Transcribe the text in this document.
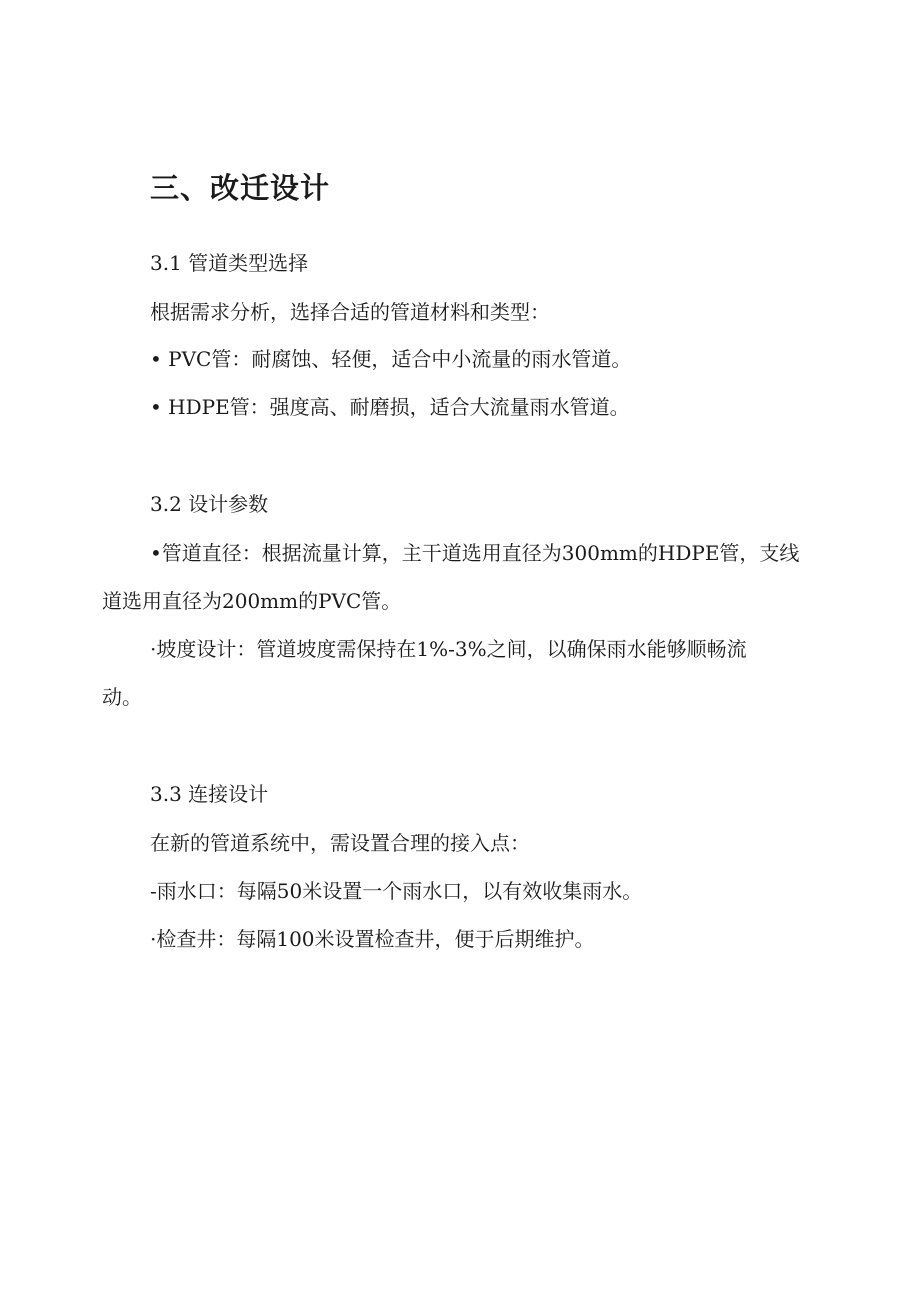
三、改迁设计
3.1 管道类型选择
根据需求分析，选择合适的管道材料和类型：
• PVC管：耐腐蚀、轻便，适合中小流量的雨水管道。
• HDPE管：强度高、耐磨损，适合大流量雨水管道。
3.2 设计参数
•管道直径：根据流量计算，主干道选用直径为300mm的HDPE管，支线
道选用直径为200mm的PVC管。
·坡度设计：管道坡度需保持在1%-3%之间，以确保雨水能够顺畅流
动。
3.3 连接设计
在新的管道系统中，需设置合理的接入点：
-雨水口：每隔50米设置一个雨水口，以有效收集雨水。
·检查井：每隔100米设置检查井，便于后期维护。
